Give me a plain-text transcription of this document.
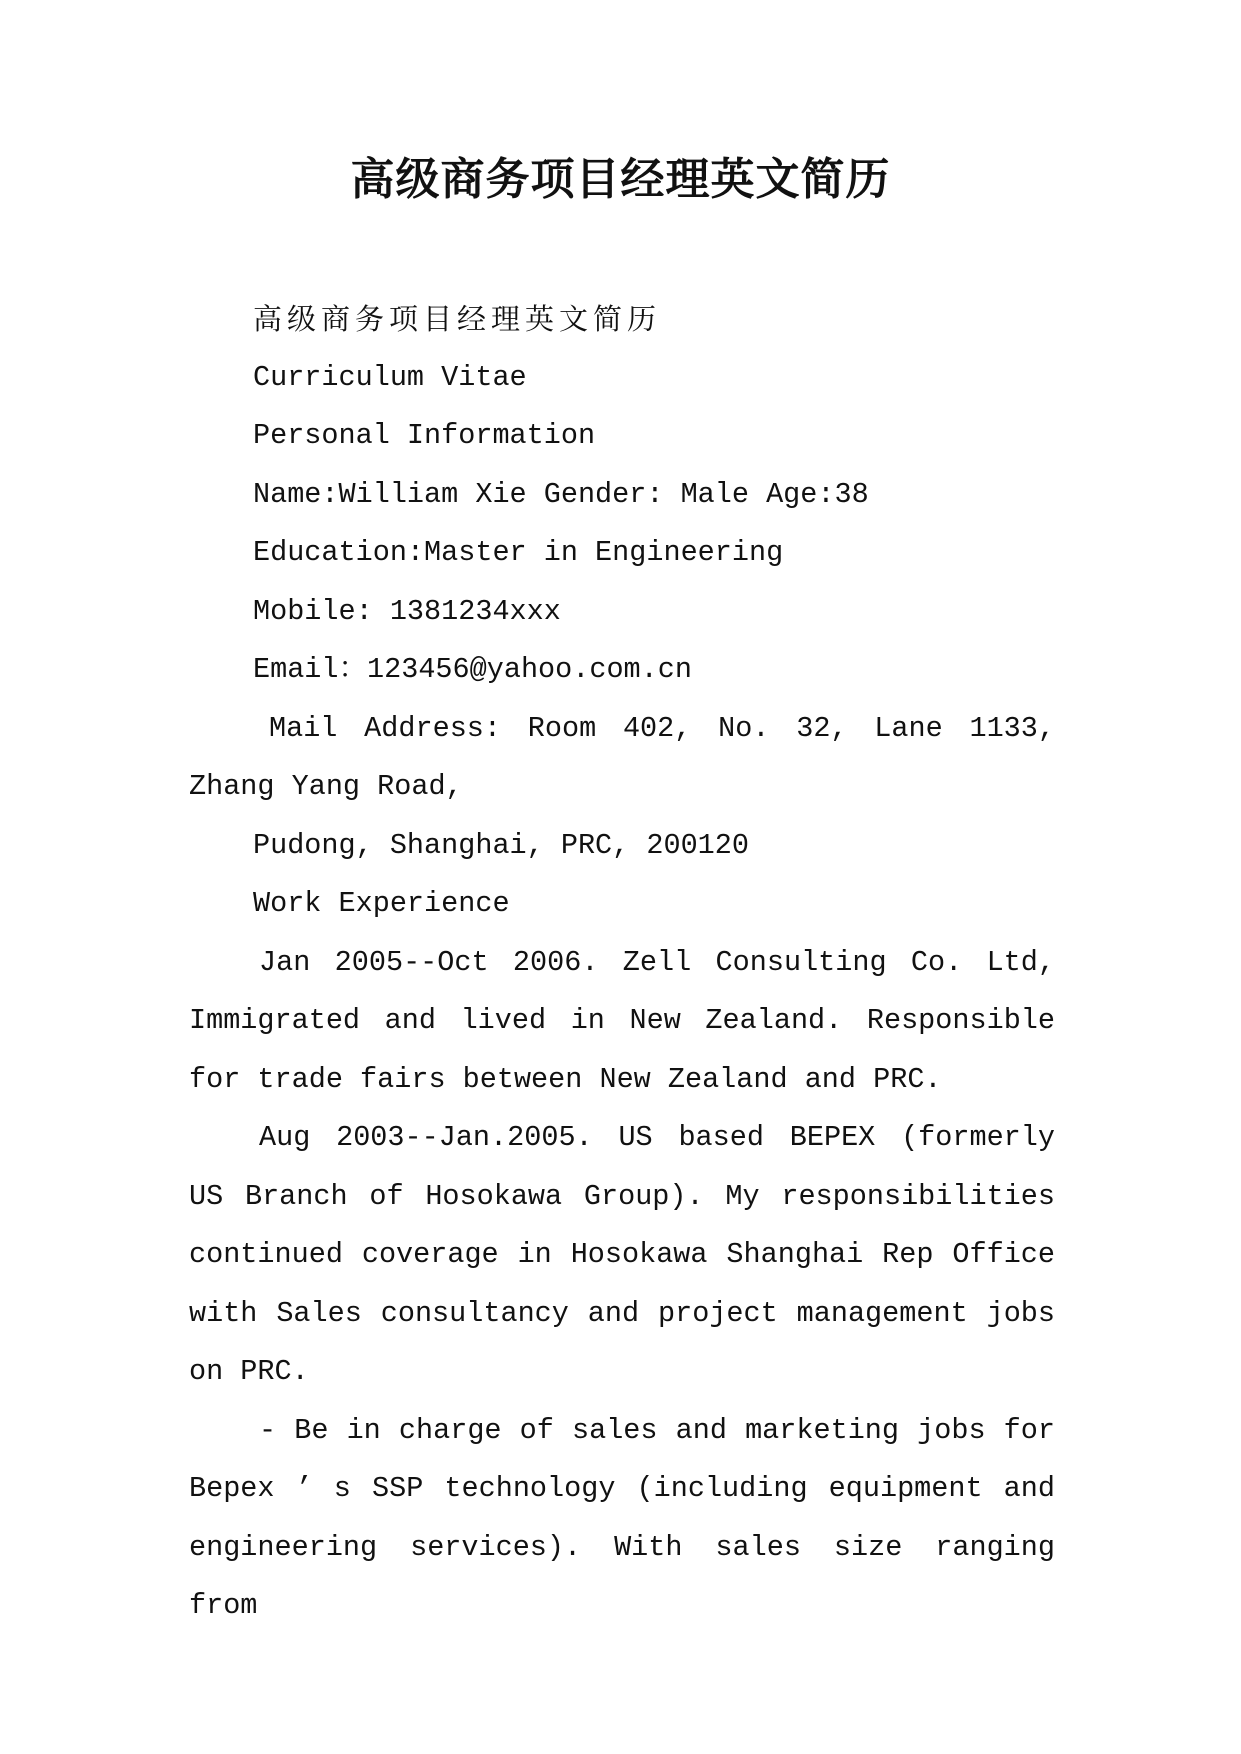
高级商务项目经理英文简历
高级商务项目经理英文简历
Curriculum Vitae
Personal Information
Name:William Xie Gender: Male Age:38
Education:Master in Engineering
Mobile: 1381234xxx
Email：123456@yahoo.com.cn

Mail Address: Room 402, No. 32, Lane 1133, Zhang Yang Road,

Pudong, Shanghai, PRC, 200120
Work Experience

Jan 2005--Oct 2006. Zell Consulting Co. Ltd, Immigrated and lived in New Zealand. Responsible for trade fairs between New Zealand and PRC.

Aug 2003--Jan.2005. US based BEPEX (formerly US Branch of Hosokawa Group). My responsibilities continued coverage in Hosokawa Shanghai Rep Office with Sales consultancy and project management jobs on PRC.

- Be in charge of sales and marketing jobs for Bepex ’ s SSP technology (including equipment and engineering services). With sales size ranging from
